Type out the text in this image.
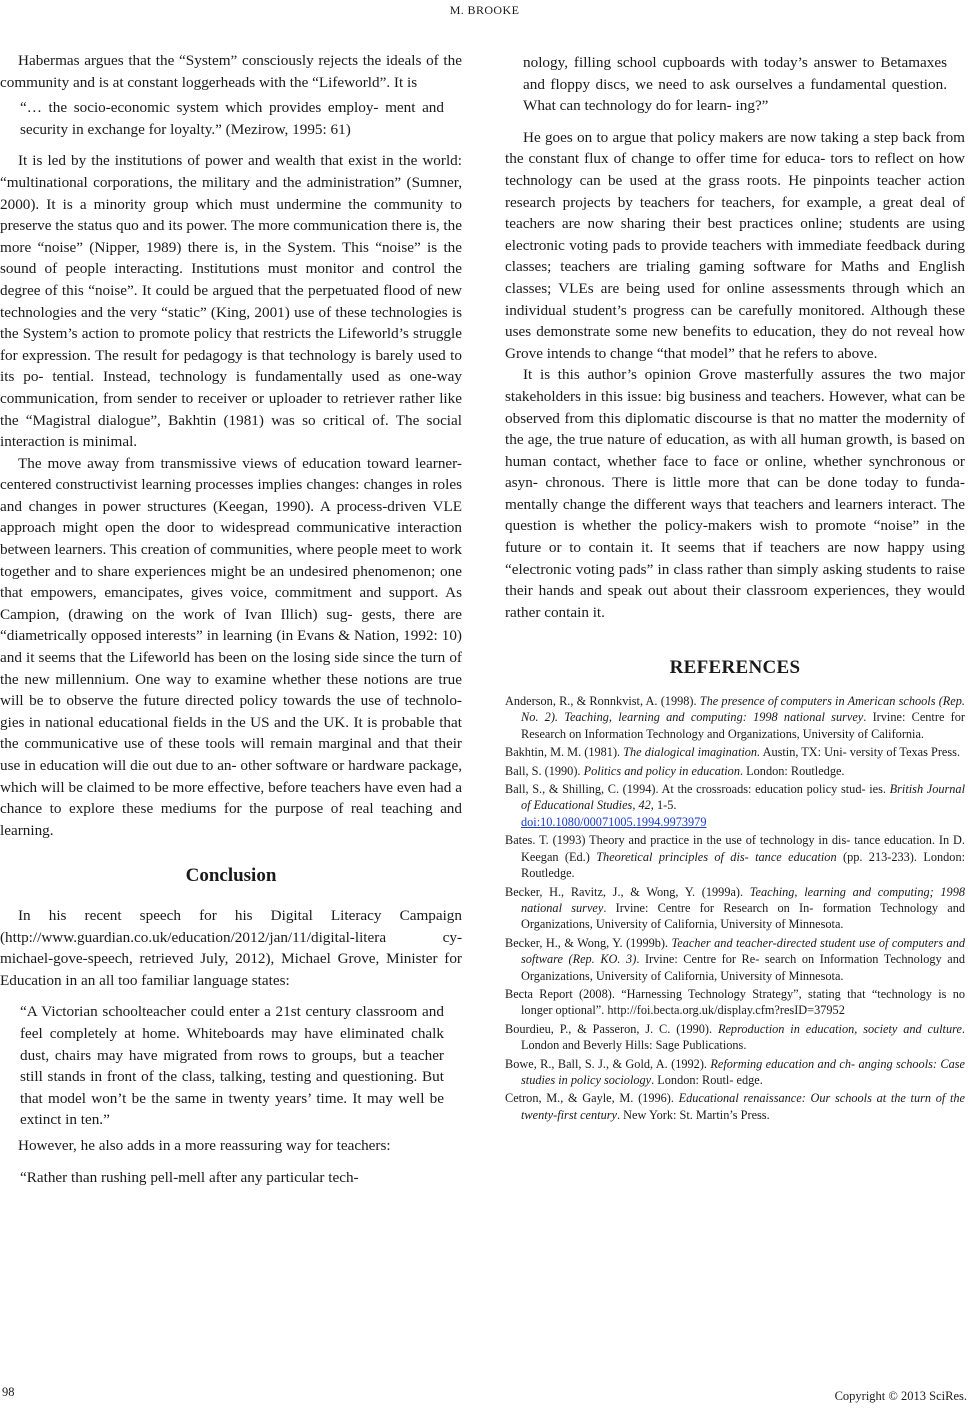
M. BROOKE

Habermas argues that the “System” consciously rejects the ideals of the community and is at constant loggerheads with the “Lifeworld”. It is

“… the socio-economic system which provides employ- ment and security in exchange for loyalty.” (Mezirow, 1995: 61)

It is led by the institutions of power and wealth that exist in the world: “multinational corporations, the military and the administration” (Sumner, 2000). It is a minority group which must undermine the community to preserve the status quo and its power. The more communication there is, the more “noise” (Nipper, 1989) there is, in the System. This “noise” is the sound of people interacting. Institutions must monitor and control the degree of this “noise”. It could be argued that the perpetuated flood of new technologies and the very “static” (King, 2001) use of these technologies is the System’s action to promote policy that restricts the Lifeworld’s struggle for expression. The result for pedagogy is that technology is barely used to its po- tential. Instead, technology is fundamentally used as one-way communication, from sender to receiver or uploader to retriever rather like the “Magistral dialogue”, Bakhtin (1981) was so critical of. The social interaction is minimal.

The move away from transmissive views of education toward learner-centered constructivist learning processes implies changes: changes in roles and changes in power structures (Keegan, 1990). A process-driven VLE approach might open the door to widespread communicative interaction between learners. This creation of communities, where people meet to work together and to share experiences might be an undesired phenomenon; one that empowers, emancipates, gives voice, commitment and support. As Campion, (drawing on the work of Ivan Illich) sug- gests, there are “diametrically opposed interests” in learning (in Evans & Nation, 1992: 10) and it seems that the Lifeworld has been on the losing side since the turn of the new millennium. One way to examine whether these notions are true will be to observe the future directed policy towards the use of technolo- gies in national educational fields in the US and the UK. It is probable that the communicative use of these tools will remain marginal and that their use in education will die out due to an- other software or hardware package, which will be claimed to be more effective, before teachers have even had a chance to explore these mediums for the purpose of real teaching and learning.

Conclusion

In his recent speech for his Digital Literacy Campaign (http://www.guardian.co.uk/education/2012/jan/11/digital-litera cy-michael-gove-speech, retrieved July, 2012), Michael Grove, Minister for Education in an all too familiar language states:

“A Victorian schoolteacher could enter a 21st century classroom and feel completely at home. Whiteboards may have eliminated chalk dust, chairs may have migrated from rows to groups, but a teacher still stands in front of the class, talking, testing and questioning. But that model won’t be the same in twenty years’ time. It may well be extinct in ten.”

However, he also adds in a more reassuring way for teachers:

“Rather than rushing pell-mell after any particular tech-

nology, filling school cupboards with today’s answer to Betamaxes and floppy discs, we need to ask ourselves a fundamental question. What can technology do for learn- ing?”

He goes on to argue that policy makers are now taking a step back from the constant flux of change to offer time for educa- tors to reflect on how technology can be used at the grass roots. He pinpoints teacher action research projects by teachers for teachers, for example, a great deal of teachers are now sharing their best practices online; students are using electronic voting pads to provide teachers with immediate feedback during classes; teachers are trialing gaming software for Maths and English classes; VLEs are being used for online assessments through which an individual student’s progress can be carefully monitored. Although these uses demonstrate some new benefits to education, they do not reveal how Grove intends to change “that model” that he refers to above.

It is this author’s opinion Grove masterfully assures the two major stakeholders in this issue: big business and teachers. However, what can be observed from this diplomatic discourse is that no matter the modernity of the age, the true nature of education, as with all human growth, is based on human contact, whether face to face or online, whether synchronous or asyn- chronous. There is little more that can be done today to funda- mentally change the different ways that teachers and learners interact. The question is whether the policy-makers wish to promote “noise” in the future or to contain it. It seems that if teachers are now happy using “electronic voting pads” in class rather than simply asking students to raise their hands and speak out about their classroom experiences, they would rather contain it.

REFERENCES
Anderson, R., & Ronnkvist, A. (1998). The presence of computers in American schools (Rep. No. 2). Teaching, learning and computing: 1998 national survey. Irvine: Centre for Research on Information Technology and Organizations, University of California.
Bakhtin, M. M. (1981). The dialogical imagination. Austin, TX: Uni- versity of Texas Press.
Ball, S. (1990). Politics and policy in education. London: Routledge.
Ball, S., & Shilling, C. (1994). At the crossroads: education policy stud- ies. British Journal of Educational Studies, 42, 1-5.
doi:10.1080/00071005.1994.9973979
Bates. T. (1993) Theory and practice in the use of technology in dis- tance education. In D. Keegan (Ed.) Theoretical principles of dis- tance education (pp. 213-233). London: Routledge.
Becker, H., Ravitz, J., & Wong, Y. (1999a). Teaching, learning and computing; 1998 national survey. Irvine: Centre for Research on In- formation Technology and Organizations, University of California, University of Minnesota.
Becker, H., & Wong, Y. (1999b). Teacher and teacher-directed student use of computers and software (Rep. KO. 3). Irvine: Centre for Re- search on Information Technology and Organizations, University of California, University of Minnesota.
Becta Report (2008). “Harnessing Technology Strategy”, stating that “technology is no longer optional”. http://foi.becta.org.uk/display.cfm?resID=37952
Bourdieu, P., & Passeron, J. C. (1990). Reproduction in education, society and culture. London and Beverly Hills: Sage Publications.
Bowe, R., Ball, S. J., & Gold, A. (1992). Reforming education and ch- anging schools: Case studies in policy sociology. London: Routl- edge.
Cetron, M., & Gayle, M. (1996). Educational renaissance: Our schools at the turn of the twenty-first century. New York: St. Martin’s Press.
98	Copyright © 2013 SciRes.
